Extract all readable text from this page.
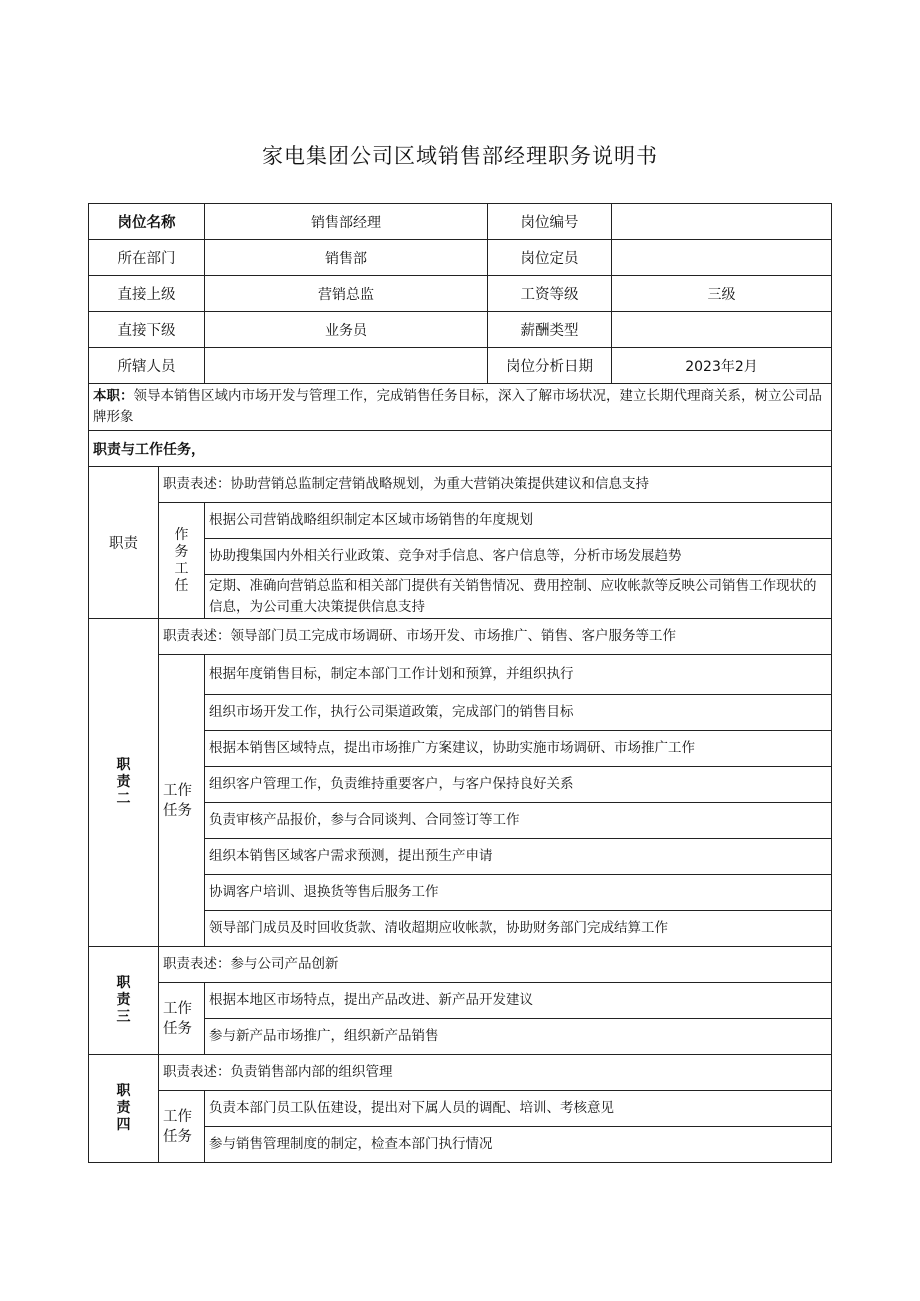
家电集团公司区域销售部经理职务说明书
岗位名称		销售部经理	岗位编号	
所在部门		销售部	岗位定员	
直接上级		营销总监	工资等级	三级
直接下级		业务员	薪酬类型	
所辖人员			岗位分析日期	2023年2月
本职：领导本销售区域内市场开发与管理工作，完成销售任务目标，深入了解市场状况，建立长期代理商关系，树立公司品牌形象				
职责与工作任务，				
职责	职责表述：协助营销总监制定营销战略规划，为重大营销决策提供建议和信息支持			

	作务工任	根据公司营销战略组织制定本区域市场销售的年度规划		
		协助搜集国内外相关行业政策、竞争对手信息、客户信息等，分析市场发展趋势		
		定期、准确向营销总监和相关部门提供有关销售情况、费用控制、应收帐款等反映公司销售工作现状的信息，为公司重大决策提供信息支持		

职责二	职责表述：领导部门员工完成市场调研、市场开发、市场推广、销售、客户服务等工作			

	工作任务	根据年度销售目标，制定本部门工作计划和预算，并组织执行		
		组织市场开发工作，执行公司渠道政策，完成部门的销售目标		
		根据本销售区域特点，提出市场推广方案建议，协助实施市场调研、市场推广工作		
		组织客户管理工作，负责维持重要客户，与客户保持良好关系		
		负责审核产品报价，参与合同谈判、合同签订等工作		
		组织本销售区域客户需求预测，提出预生产申请		
		协调客户培训、退换货等售后服务工作		
		领导部门成员及时回收货款、清收超期应收帐款，协助财务部门完成结算工作		

职责三	职责表述：参与公司产品创新			

	工作任务	根据本地区市场特点，提出产品改进、新产品开发建议		
		参与新产品市场推广，组织新产品销售		

职责四	职责表述：负责销售部内部的组织管理			

	工作任务	负责本部门员工队伍建设，提出对下属人员的调配、培训、考核意见		
		参与销售管理制度的制定，检查本部门执行情况		
